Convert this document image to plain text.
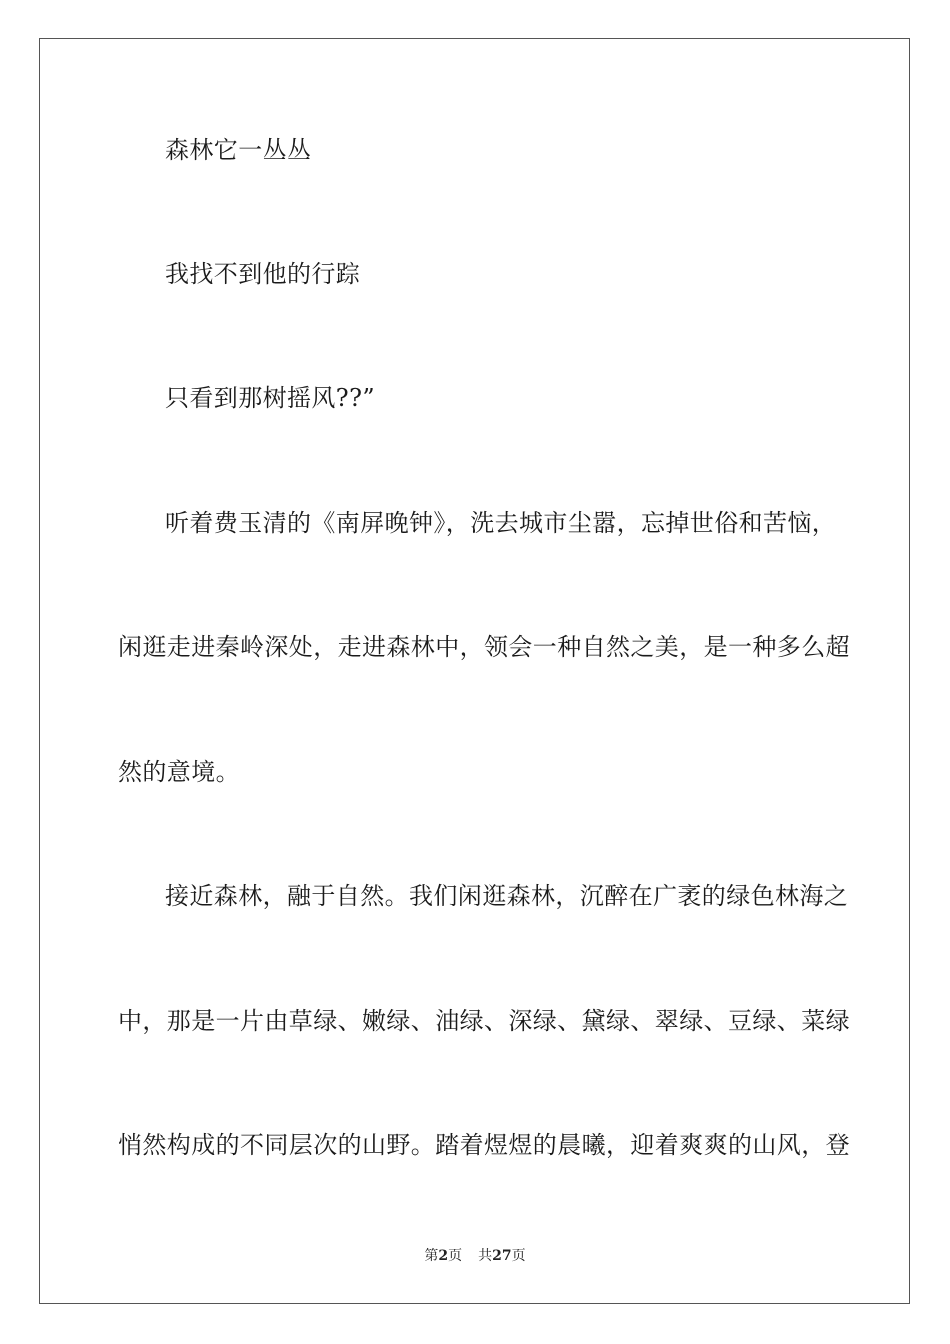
森林它一丛丛
我找不到他的行踪
只看到那树摇风??”
听着费玉清的《南屏晚钟》，洗去城市尘嚣，忘掉世俗和苦恼，
闲逛走进秦岭深处，走进森林中，领会一种自然之美，是一种多么超
然的意境。
接近森林，融于自然。我们闲逛森林，沉醉在广袤的绿色林海之
中，那是一片由草绿、嫩绿、油绿、深绿、黛绿、翠绿、豆绿、菜绿
悄然构成的不同层次的山野。踏着煜煜的晨曦，迎着爽爽的山风，登
第2页 共27页
